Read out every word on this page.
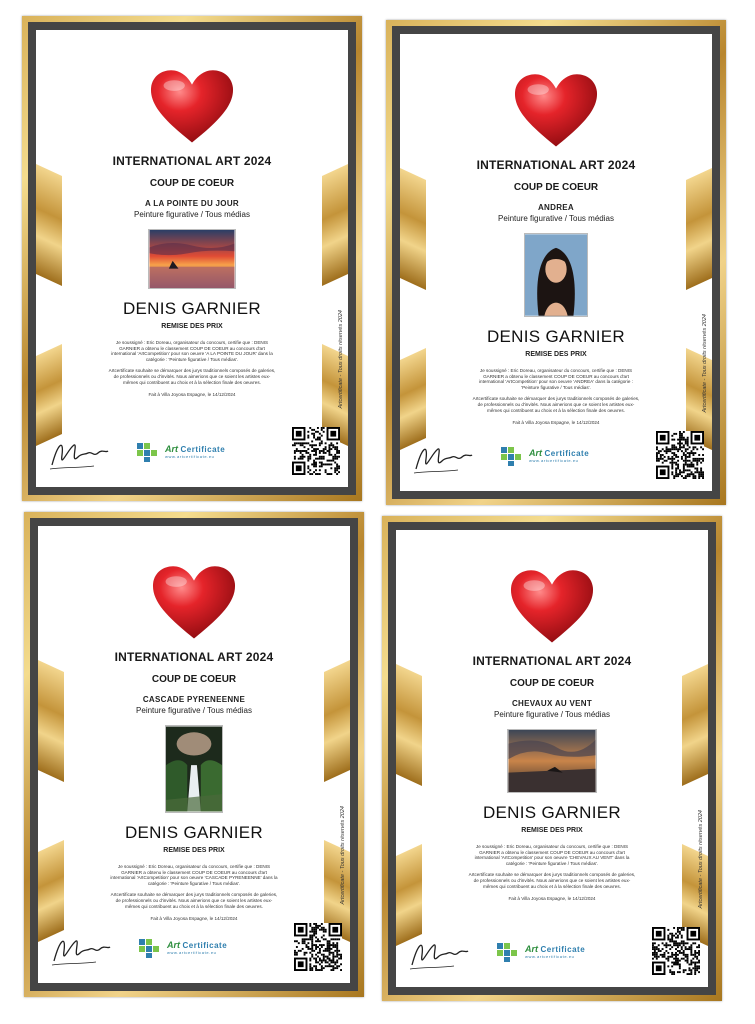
INTERNATIONAL ART 2024
COUP DE COEUR
A LA POINTE DU JOUR
Peinture figurative / Tous médias
DENIS GARNIER
REMISE DES PRIX
Je soussigné : Eric Doreau, organisateur du concours, certifie que : DENIS GARNIER a obtenu le classement COUP DE COEUR au concours d'art international 'ArtCompetition' pour son oeuvre 'A LA POINTE DU JOUR' dans la catégorie : 'Peinture figurative / Tous médias'.
Artcertificate souhaite se démarquer des jurys traditionnels composés de galeries, de professionnels ou d'invités. Nous aimerions que ce soient les artistes eux-mêmes qui contribuent au choix et à la sélection finale des oeuvres.
Fait à Villa Joyosa Espagne, le 14/12/2024	Artcertificate - Tous droits réservés 2024
Art Certificate
www.artcertificate.eu
INTERNATIONAL ART 2024
COUP DE COEUR
ANDREA
Peinture figurative / Tous médias
DENIS GARNIER
REMISE DES PRIX
Je soussigné : Eric Doreau, organisateur du concours, certifie que : DENIS GARNIER a obtenu le classement COUP DE COEUR au concours d'art international 'ArtCompetition' pour son oeuvre 'ANDREA' dans la catégorie : 'Peinture figurative / Tous médias'.
Artcertificate souhaite se démarquer des jurys traditionnels composés de galeries, de professionnels ou d'invités. Nous aimerions que ce soient les artistes eux-mêmes qui contribuent au choix et à la sélection finale des oeuvres.
Fait à Villa Joyosa Espagne, le 14/12/2024
Artcertificate - Tous droits réservés 2024
Art Certificate
www.artcertificate.eu
INTERNATIONAL ART 2024
COUP DE COEUR
CASCADE PYRENEENNE
Peinture figurative / Tous médias
DENIS GARNIER
REMISE DES PRIX
Je soussigné : Eric Doreau, organisateur du concours, certifie que : DENIS GARNIER a obtenu le classement COUP DE COEUR au concours d'art international 'ArtCompetition' pour son oeuvre 'CASCADE PYRENEENNE' dans la catégorie : 'Peinture figurative / Tous médias'.
Artcertificate souhaite se démarquer des jurys traditionnels composés de galeries, de professionnels ou d'invités. Nous aimerions que ce soient les artistes eux-mêmes qui contribuent au choix et à la sélection finale des oeuvres.
Fait à Villa Joyosa Espagne, le 14/12/2024
Artcertificate - Tous droits réservés 2024
Art Certificate
www.artcertificate.eu
INTERNATIONAL ART 2024
COUP DE COEUR
CHEVAUX AU VENT
Peinture figurative / Tous médias
DENIS GARNIER
REMISE DES PRIX
Je soussigné : Eric Doreau, organisateur du concours, certifie que : DENIS GARNIER a obtenu le classement COUP DE COEUR au concours d'art international 'ArtCompetition' pour son oeuvre 'CHEVAUX AU VENT' dans la catégorie : 'Peinture figurative / Tous médias'.
Artcertificate souhaite se démarquer des jurys traditionnels composés de galeries, de professionnels ou d'invités. Nous aimerions que ce soient les artistes eux-mêmes qui contribuent au choix et à la sélection finale des oeuvres.
Fait à Villa Joyosa Espagne, le 14/12/2024	Artcertificate - Tous droits réservés 2024
Art Certificate
www.artcertificate.eu
